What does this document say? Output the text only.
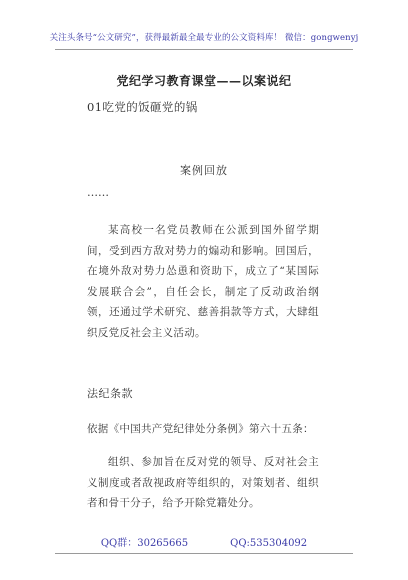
关注头条号“公文研究”，获得最新最全最专业的公文资料库！ 微信：gongwenyj
党纪学习教育课堂——以案说纪
01吃党的饭砸党的锅
案例回放
……
某高校一名党员教师在公派到国外留学期间，受到西方敌对势力的煽动和影响。回国后，在境外敌对势力怂恿和资助下，成立了“某国际发展联合会”，自任会长，制定了反动政治纲领，还通过学术研究、慈善捐款等方式，大肆组织反党反社会主义活动。
法纪条款
依据《中国共产党纪律处分条例》第六十五条：
组织、参加旨在反对党的领导、反对社会主义制度或者敌视政府等组织的，对策划者、组织者和骨干分子，给予开除党籍处分。
QQ群：30265665	QQ:535304092
